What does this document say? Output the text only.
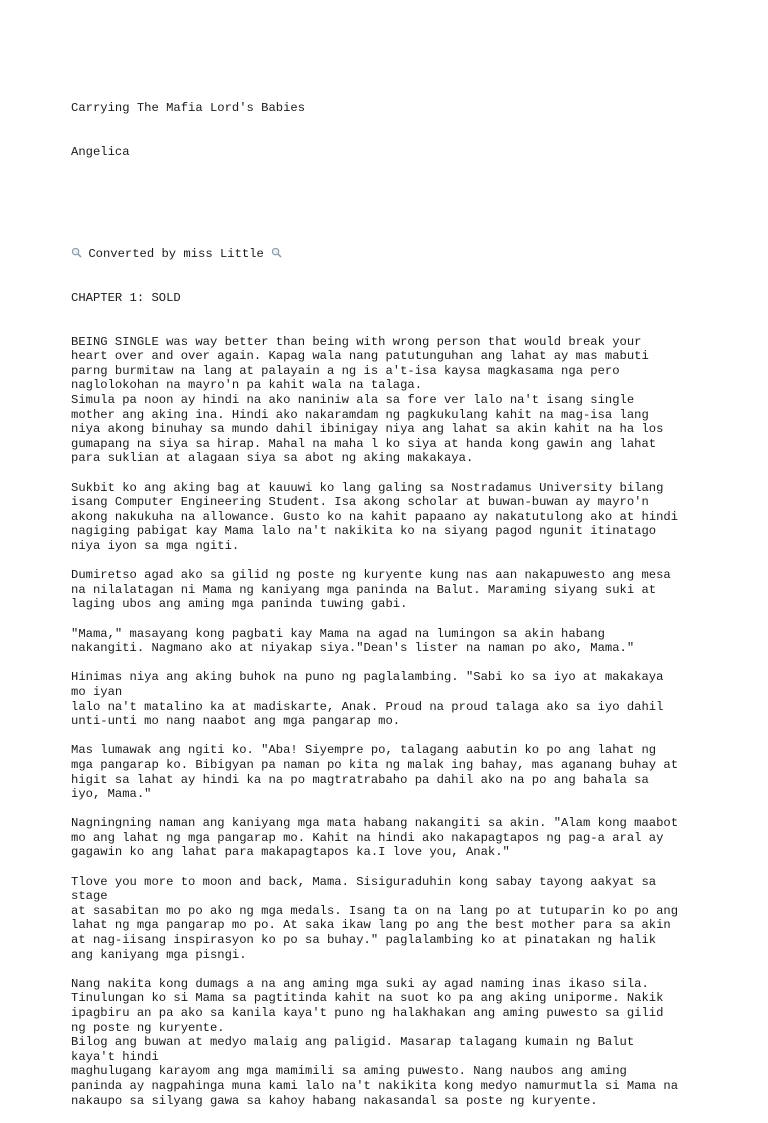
Carrying The Mafia Lord's Babies

Angelica

Converted by miss Little

CHAPTER 1: SOLD

BEING SINGLE was way better than being with wrong person that would break your
heart over and over again. Kapag wala nang patutunguhan ang lahat ay mas mabuti
parng burmitaw na lang at palayain a ng is a't-isa kaysa magkasama nga pero
naglolokohan na mayro'n pa kahit wala na talaga.
Simula pa noon ay hindi na ako naniniw ala sa fore ver lalo na't isang single
mother ang aking ina. Hindi ako nakaramdam ng pagkukulang kahit na mag-isa lang
niya akong binuhay sa mundo dahil ibinigay niya ang lahat sa akin kahit na ha los
gumapang na siya sa hirap. Mahal na maha l ko siya at handa kong gawin ang lahat
para suklian at alagaan siya sa abot ng aking makakaya.
Sukbit ko ang aking bag at kauuwi ko lang galing sa Nostradamus University bilang
isang Computer Engineering Student. Isa akong scholar at buwan-buwan ay mayro'n
akong nakukuha na allowance. Gusto ko na kahit papaano ay nakatutulong ako at hindi
nagiging pabigat kay Mama lalo na't nakikita ko na siyang pagod ngunit itinatago
niya iyon sa mga ngiti.
Dumiretso agad ako sa gilid ng poste ng kuryente kung nas aan nakapuwesto ang mesa
na nilalatagan ni Mama ng kaniyang mga paninda na Balut. Maraming siyang suki at
laging ubos ang aming mga paninda tuwing gabi.
"Mama," masayang kong pagbati kay Mama na agad na lumingon sa akin habang
nakangiti. Nagmano ako at niyakap siya."Dean's lister na naman po ako, Mama."
Hinimas niya ang aking buhok na puno ng paglalambing. "Sabi ko sa iyo at makakaya
mo iyan
lalo na't matalino ka at madiskarte, Anak. Proud na proud talaga ako sa iyo dahil
unti-unti mo nang naabot ang mga pangarap mo.
Mas lumawak ang ngiti ko. "Aba! Siyempre po, talagang aabutin ko po ang lahat ng
mga pangarap ko. Bibigyan pa naman po kita ng malak ing bahay, mas aganang buhay at
higit sa lahat ay hindi ka na po magtratrabaho pa dahil ako na po ang bahala sa
iyo, Mama."
Nagningning naman ang kaniyang mga mata habang nakangiti sa akin. "Alam kong maabot
mo ang lahat ng mga pangarap mo. Kahit na hindi ako nakapagtapos ng pag-a aral ay
gagawin ko ang lahat para makapagtapos ka.I love you, Anak."
Tlove you more to moon and back, Mama. Sisiguraduhin kong sabay tayong aakyat sa
stage
at sasabitan mo po ako ng mga medals. Isang ta on na lang po at tutuparin ko po ang
lahat ng mga pangarap mo po. At saka ikaw lang po ang the best mother para sa akin
at nag-iisang inspirasyon ko po sa buhay." paglalambing ko at pinatakan ng halik
ang kaniyang mga pisngi.
Nang nakita kong dumags a na ang aming mga suki ay agad naming inas ikaso sila.
Tinulungan ko si Mama sa pagtitinda kahit na suot ko pa ang aking uniporme. Nakik
ipagbiru an pa ako sa kanila kaya't puno ng halakhakan ang aming puwesto sa gilid
ng poste ng kuryente.
Bilog ang buwan at medyo malaig ang paligid. Masarap talagang kumain ng Balut
kaya't hindi
maghulugang karayom ang mga mamimili sa aming puwesto. Nang naubos ang aming
paninda ay nagpahinga muna kami lalo na't nakikita kong medyo namurmutla si Mama na
nakaupo sa silyang gawa sa kahoy habang nakasandal sa poste ng kuryente.
